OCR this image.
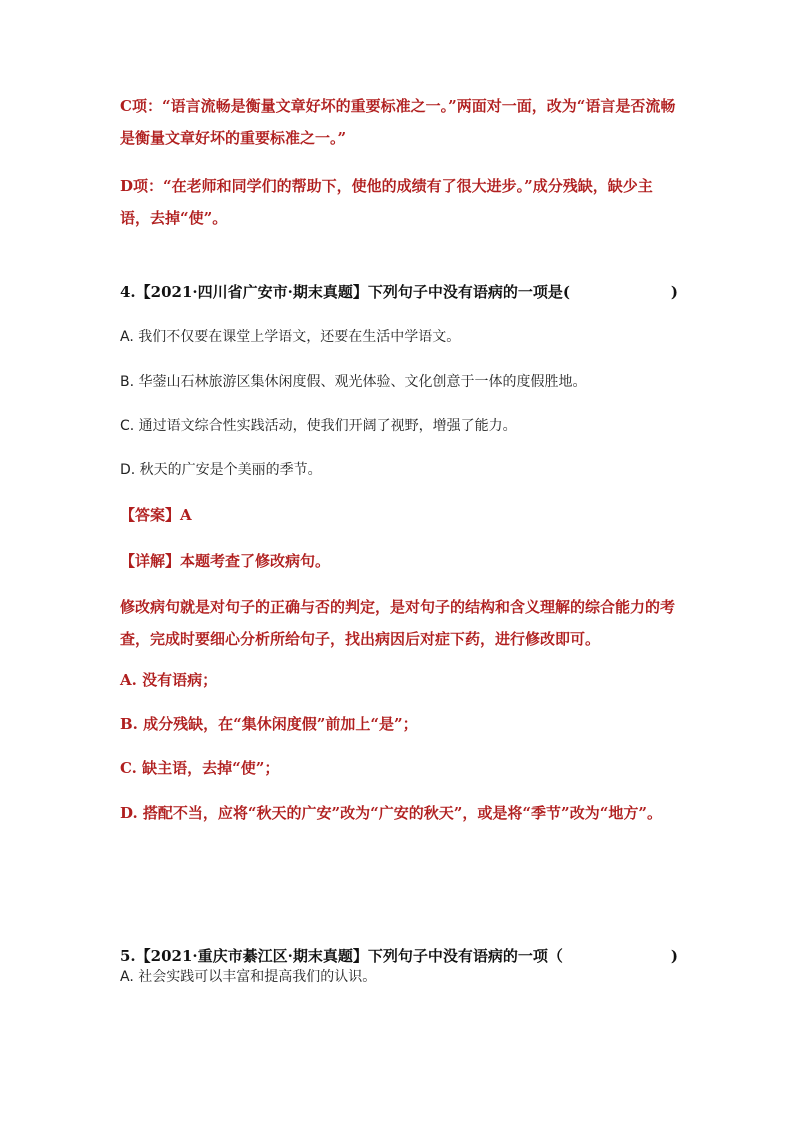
C项：“语言流畅是衡量文章好坏的重要标准之一。”两面对一面，改为“语言是否流畅是衡量文章好坏的重要标准之一。”

D项：“在老师和同学们的帮助下，使他的成绩有了很大进步。”成分残缺，缺少主语，去掉“使”。

4.【2021·四川省广安市·期末真题】下列句子中没有语病的一项是(	)

A. 我们不仅要在课堂上学语文，还要在生活中学语文。

B. 华蓥山石林旅游区集休闲度假、观光体验、文化创意于一体的度假胜地。

C. 通过语文综合性实践活动，使我们开阔了视野，增强了能力。

D. 秋天的广安是个美丽的季节。

【答案】A

【详解】本题考查了修改病句。

修改病句就是对句子的正确与否的判定，是对句子的结构和含义理解的综合能力的考查，完成时要细心分析所给句子，找出病因后对症下药，进行修改即可。

A. 没有语病；

B. 成分残缺，在“集休闲度假”前加上“是”；

C. 缺主语，去掉“使”；

D. 搭配不当，应将“秋天的广安”改为“广安的秋天”，或是将“季节”改为“地方”。

5.【2021·重庆市綦江区·期末真题】下列句子中没有语病的一项（	)

A. 社会实践可以丰富和提高我们的认识。
